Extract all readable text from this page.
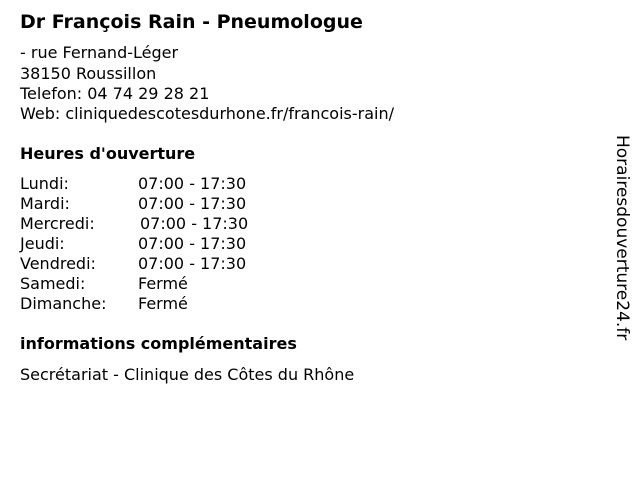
Dr François Rain - Pneumologue
- rue Fernand-Léger
38150 Roussillon
Telefon: 04 74 29 28 21
Web: cliniquedescotesdurhone.fr/francois-rain/
Heures d'ouverture
Lundi:	07:00 - 17:30
Mardi:	07:00 - 17:30
Mercredi:	07:00 - 17:30
Jeudi:	07:00 - 17:30
Vendredi:	07:00 - 17:30
Samedi:	Fermé
Dimanche: Fermé
informations complémentaires
Secrétariat - Clinique des Côtes du Rhône
Horairesdouverture24.fr
